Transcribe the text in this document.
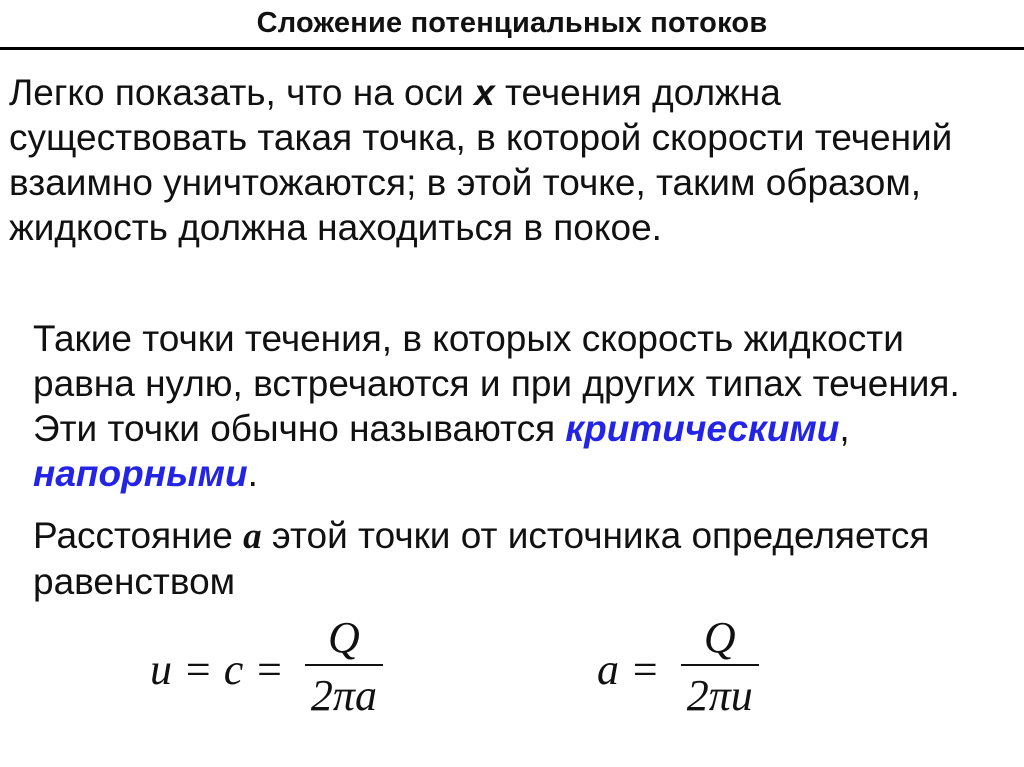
Сложение потенциальных потоков

Легко показать, что на оси x течения должна существовать такая точка, в которой скорости течений взаимно уничтожаются; в этой точке, таким образом, жидкость должна находиться в покое.

Такие точки течения, в которых скорость жидкости равна нулю, встречаются и при других типах течения. Эти точки обычно называются критическими, напорными.

Расстояние a этой точки от источника определяется равенством

$u = c = \frac{Q}{2\pi a}$	$a = \frac{Q}{2\pi u}$
